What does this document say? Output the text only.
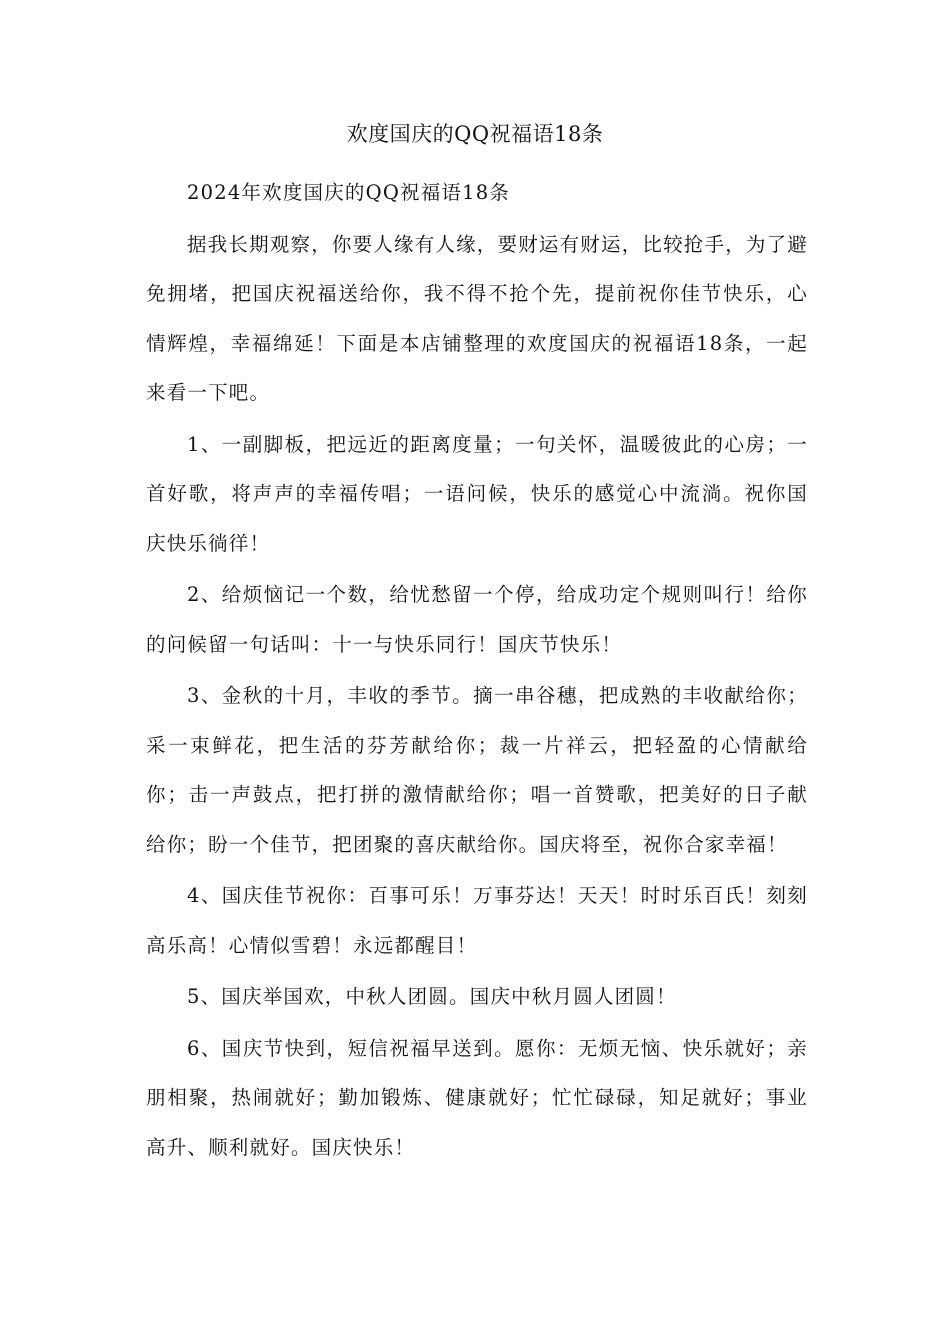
欢度国庆的QQ祝福语18条

2024年欢度国庆的QQ祝福语18条

据我长期观察，你要人缘有人缘，要财运有财运，比较抢手，为了避免拥堵，把国庆祝福送给你，我不得不抢个先，提前祝你佳节快乐，心情辉煌，幸福绵延！下面是本店铺整理的欢度国庆的祝福语18条，一起来看一下吧。

1、一副脚板，把远近的距离度量；一句关怀，温暖彼此的心房；一首好歌，将声声的幸福传唱；一语问候，快乐的感觉心中流淌。祝你国庆快乐徜徉！

2、给烦恼记一个数，给忧愁留一个停，给成功定个规则叫行！给你的问候留一句话叫：十一与快乐同行！国庆节快乐！

3、金秋的十月，丰收的季节。摘一串谷穗，把成熟的丰收献给你；采一束鲜花，把生活的芬芳献给你；裁一片祥云，把轻盈的心情献给你；击一声鼓点，把打拼的激情献给你；唱一首赞歌，把美好的日子献给你；盼一个佳节，把团聚的喜庆献给你。国庆将至，祝你合家幸福！

4、国庆佳节祝你：百事可乐！万事芬达！天天！时时乐百氏！刻刻高乐高！心情似雪碧！永远都醒目！

5、国庆举国欢，中秋人团圆。国庆中秋月圆人团圆！

6、国庆节快到，短信祝福早送到。愿你：无烦无恼、快乐就好；亲朋相聚，热闹就好；勤加锻炼、健康就好；忙忙碌碌，知足就好；事业高升、顺利就好。国庆快乐！
